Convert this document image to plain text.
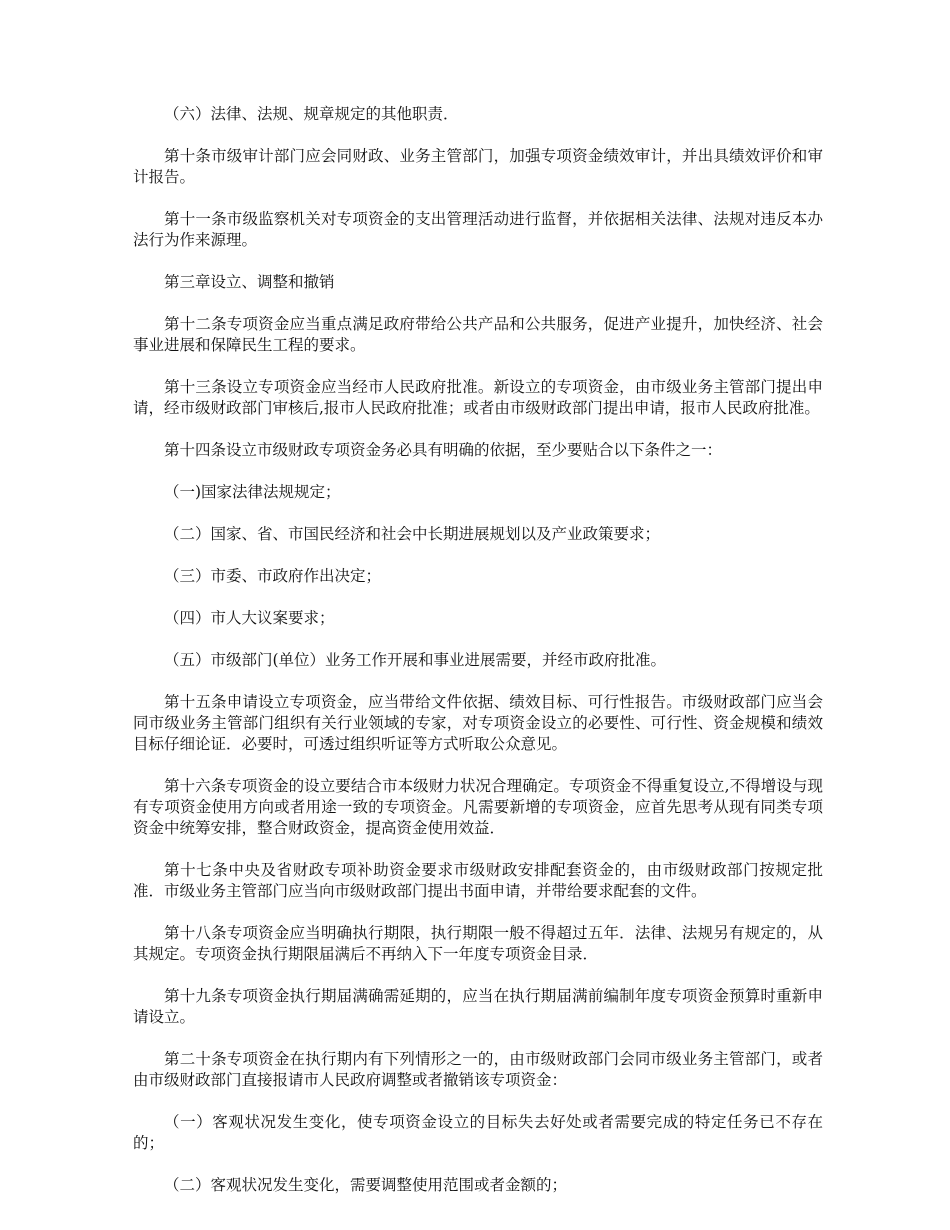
（六）法律、法规、规章规定的其他职责．

第十条市级审计部门应会同财政、业务主管部门，加强专项资金绩效审计，并出具绩效评价和审计报告。

第十一条市级监察机关对专项资金的支出管理活动进行监督，并依据相关法律、法规对违反本办法行为作来源理。

第三章设立、调整和撤销

第十二条专项资金应当重点满足政府带给公共产品和公共服务，促进产业提升，加快经济、社会事业进展和保障民生工程的要求。

第十三条设立专项资金应当经市人民政府批准。新设立的专项资金，由市级业务主管部门提出申请，经市级财政部门审核后,报市人民政府批准；或者由市级财政部门提出申请，报市人民政府批准。

第十四条设立市级财政专项资金务必具有明确的依据，至少要贴合以下条件之一：

（一)国家法律法规规定；

（二）国家、省、市国民经济和社会中长期进展规划以及产业政策要求；

（三）市委、市政府作出决定；

（四）市人大议案要求；

（五）市级部门(单位）业务工作开展和事业进展需要，并经市政府批准。

第十五条申请设立专项资金，应当带给文件依据、绩效目标、可行性报告。市级财政部门应当会同市级业务主管部门组织有关行业领域的专家，对专项资金设立的必要性、可行性、资金规模和绩效目标仔细论证．必要时，可透过组织听证等方式听取公众意见。

第十六条专项资金的设立要结合市本级财力状况合理确定。专项资金不得重复设立,不得增设与现有专项资金使用方向或者用途一致的专项资金。凡需要新增的专项资金，应首先思考从现有同类专项资金中统筹安排，整合财政资金，提高资金使用效益．

第十七条中央及省财政专项补助资金要求市级财政安排配套资金的，由市级财政部门按规定批准．市级业务主管部门应当向市级财政部门提出书面申请，并带给要求配套的文件。

第十八条专项资金应当明确执行期限，执行期限一般不得超过五年．法律、法规另有规定的，从其规定。专项资金执行期限届满后不再纳入下一年度专项资金目录．

第十九条专项资金执行期届满确需延期的，应当在执行期届满前编制年度专项资金预算时重新申请设立。

第二十条专项资金在执行期内有下列情形之一的，由市级财政部门会同市级业务主管部门，或者由市级财政部门直接报请市人民政府调整或者撤销该专项资金：

（一）客观状况发生变化，使专项资金设立的目标失去好处或者需要完成的特定任务已不存在的；

（二）客观状况发生变化，需要调整使用范围或者金额的；
